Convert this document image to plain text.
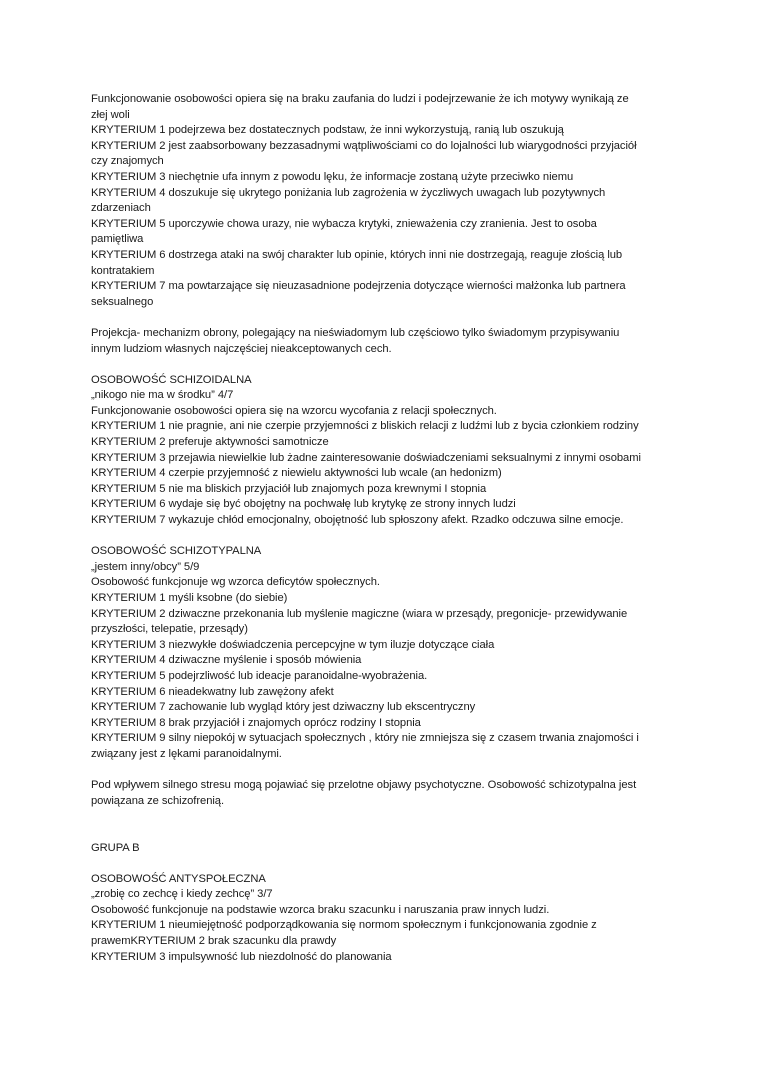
Funkcjonowanie osobowości opiera się na braku zaufania do ludzi i podejrzewanie że ich motywy wynikają ze
złej woli
KRYTERIUM 1 podejrzewa bez dostatecznych podstaw, że inni wykorzystują, ranią lub oszukują
KRYTERIUM 2 jest zaabsorbowany bezzasadnymi wątpliwościami co do lojalności lub wiarygodności przyjaciół
czy znajomych
KRYTERIUM 3 niechętnie ufa innym z powodu lęku, że informacje zostaną użyte przeciwko niemu
KRYTERIUM 4 doszukuje się ukrytego poniżania lub zagrożenia w życzliwych uwagach lub pozytywnych
zdarzeniach
KRYTERIUM 5 uporczywie chowa urazy, nie wybacza krytyki, znieważenia czy zranienia. Jest to osoba
pamiętliwa
KRYTERIUM 6 dostrzega ataki na swój charakter lub opinie, których inni nie dostrzegają, reaguje złością lub
kontratakiem
KRYTERIUM 7 ma powtarzające się nieuzasadnione podejrzenia dotyczące wierności małżonka lub partnera
seksualnego
Projekcja- mechanizm obrony, polegający na nieświadomym lub częściowo tylko świadomym przypisywaniu
innym ludziom własnych najczęściej nieakceptowanych cech.
OSOBOWOŚĆ SCHIZOIDALNA
„nikogo nie ma w środku” 4/7
Funkcjonowanie osobowości opiera się na wzorcu wycofania z relacji społecznych.
KRYTERIUM 1 nie pragnie, ani nie czerpie przyjemności z bliskich relacji z ludźmi lub z bycia członkiem rodziny
KRYTERIUM 2 preferuje aktywności samotnicze
KRYTERIUM 3 przejawia niewielkie lub żadne zainteresowanie doświadczeniami seksualnymi z innymi osobami
KRYTERIUM 4 czerpie przyjemność z niewielu aktywności lub wcale (an hedonizm)
KRYTERIUM 5 nie ma bliskich przyjaciół lub znajomych poza krewnymi I stopnia
KRYTERIUM 6 wydaje się być obojętny na pochwałę lub krytykę ze strony innych ludzi
KRYTERIUM 7 wykazuje chłód emocjonalny, obojętność lub spłoszony afekt. Rzadko odczuwa silne emocje.
OSOBOWOŚĆ SCHIZOTYPALNA
„jestem inny/obcy” 5/9
Osobowość funkcjonuje wg wzorca deficytów społecznych.
KRYTERIUM 1 myśli ksobne (do siebie)
KRYTERIUM 2 dziwaczne przekonania lub myślenie magiczne (wiara w przesądy, pregonicje- przewidywanie
przyszłości, telepatie, przesądy)
KRYTERIUM 3 niezwykłe doświadczenia percepcyjne w tym iluzje dotyczące ciała
KRYTERIUM 4 dziwaczne myślenie i sposób mówienia
KRYTERIUM 5 podejrzliwość lub ideacje paranoidalne-wyobrażenia.
KRYTERIUM 6 nieadekwatny lub zawężony afekt
KRYTERIUM 7 zachowanie lub wygląd który jest dziwaczny lub ekscentryczny
KRYTERIUM 8 brak przyjaciół i znajomych oprócz rodziny I stopnia
KRYTERIUM 9 silny niepokój w sytuacjach społecznych , który nie zmniejsza się z czasem trwania znajomości i
związany jest z lękami paranoidalnymi.
Pod wpływem silnego stresu mogą pojawiać się przelotne objawy psychotyczne. Osobowość schizotypalna jest
powiązana ze schizofrenią.
GRUPA B
OSOBOWOŚĆ ANTYSPOŁECZNA
„zrobię co zechcę i kiedy zechcę” 3/7
Osobowość funkcjonuje na podstawie wzorca braku szacunku i naruszania praw innych ludzi.
KRYTERIUM 1 nieumiejętność podporządkowania się normom społecznym i funkcjonowania zgodnie z
prawemKRYTERIUM 2 brak szacunku dla prawdy
KRYTERIUM 3 impulsywność lub niezdolność do planowania
